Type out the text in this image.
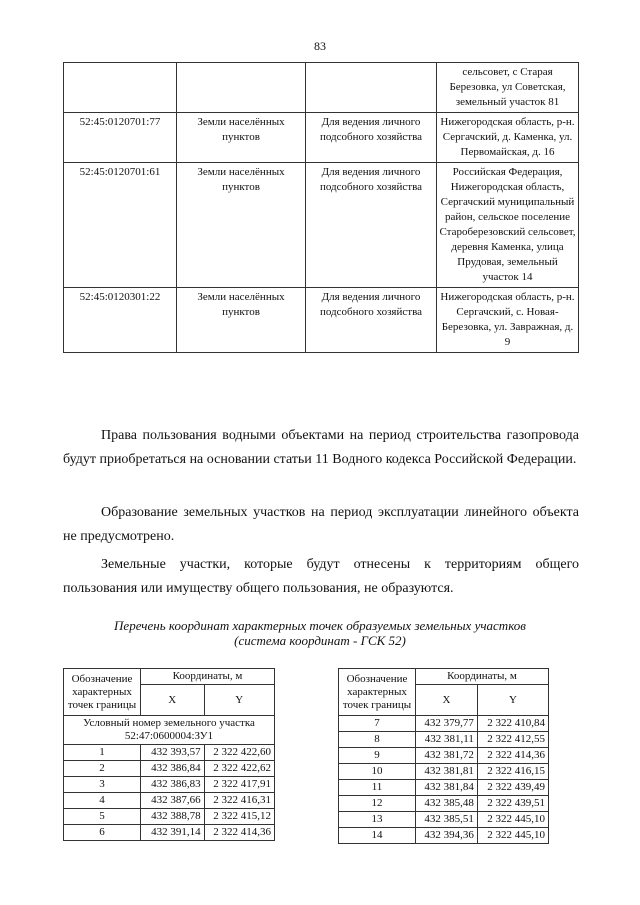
83
			сельсовет, с Старая Березовка, ул Советская, земельный участок 81
52:45:0120701:77	Земли населённых пунктов	Для ведения личного подсобного хозяйства	Нижегородская область, р-н. Сергачский, д. Каменка, ул. Первомайская, д. 16
52:45:0120701:61	Земли населённых пунктов	Для ведения личного подсобного хозяйства	Российская Федерация, Нижегородская область, Сергачский муниципальный район, сельское поселение Староберезовский сельсовет, деревня Каменка, улица Прудовая, земельный участок 14
52:45:0120301:22	Земли населённых пунктов	Для ведения личного подсобного хозяйства	Нижегородская область, р-н. Сергачский, с. Новая-Березовка, ул. Завражная, д. 9

Права пользования водными объектами на период строительства газопровода будут приобретаться на основании статьи 11 Водного кодекса Российской Федерации.

Образование земельных участков на период эксплуатации линейного объекта не предусмотрено.

Земельные участки, которые будут отнесены к территориям общего пользования или имуществу общего пользования, не образуются.

Перечень координат характерных точек образуемых земельных участков
(система координат - ГСК 52)
Обозначение характерных точек границы	Координаты, м	
	X	Y
Условный номер земельного участка 52:47:0600004:ЗУ1		
1	432 393,57	2 322 422,60
2	432 386,84	2 322 422,62
3	432 386,83	2 322 417,91
4	432 387,66	2 322 416,31
5	432 388,78	2 322 415,12
6	432 391,14	2 322 414,36
Обозначение характерных точек границы	Координаты, м	
	X	Y
7	432 379,77	2 322 410,84
8	432 381,11	2 322 412,55
9	432 381,72	2 322 414,36
10	432 381,81	2 322 416,15
11	432 381,84	2 322 439,49
12	432 385,48	2 322 439,51
13	432 385,51	2 322 445,10
14	432 394,36	2 322 445,10
